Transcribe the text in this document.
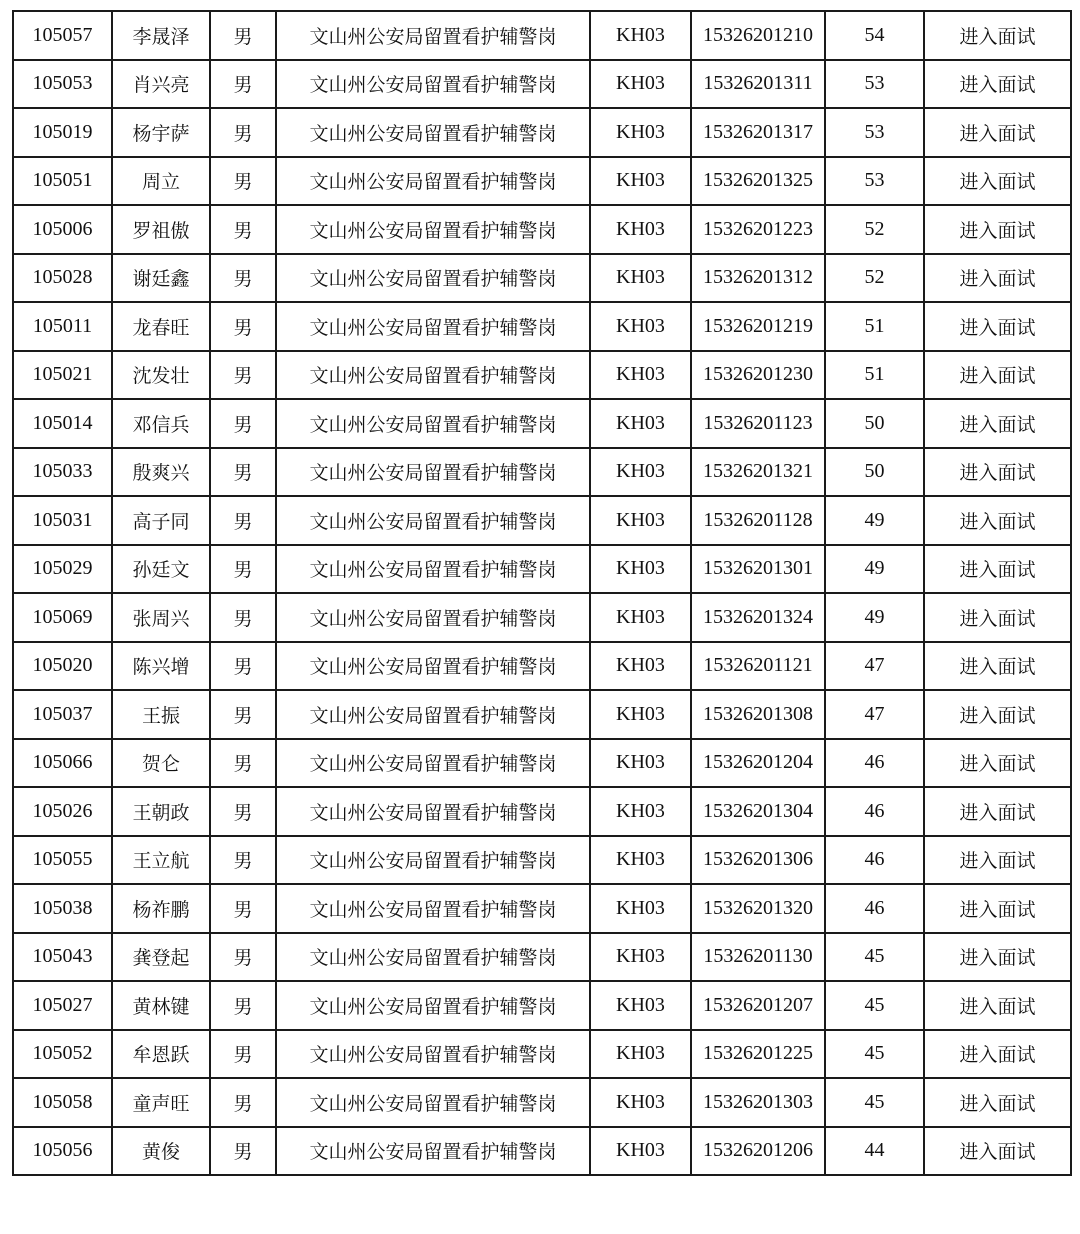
105057	李晟泽	男	文山州公安局留置看护辅警岗	KH03	15326201210	54	进入面试
105053	肖兴亮	男	文山州公安局留置看护辅警岗	KH03	15326201311	53	进入面试
105019	杨宇萨	男	文山州公安局留置看护辅警岗	KH03	15326201317	53	进入面试
105051	周立	男	文山州公安局留置看护辅警岗	KH03	15326201325	53	进入面试
105006	罗祖傲	男	文山州公安局留置看护辅警岗	KH03	15326201223	52	进入面试
105028	谢廷鑫	男	文山州公安局留置看护辅警岗	KH03	15326201312	52	进入面试
105011	龙春旺	男	文山州公安局留置看护辅警岗	KH03	15326201219	51	进入面试
105021	沈发壮	男	文山州公安局留置看护辅警岗	KH03	15326201230	51	进入面试
105014	邓信兵	男	文山州公安局留置看护辅警岗	KH03	15326201123	50	进入面试
105033	殷爽兴	男	文山州公安局留置看护辅警岗	KH03	15326201321	50	进入面试
105031	高子同	男	文山州公安局留置看护辅警岗	KH03	15326201128	49	进入面试
105029	孙廷文	男	文山州公安局留置看护辅警岗	KH03	15326201301	49	进入面试
105069	张周兴	男	文山州公安局留置看护辅警岗	KH03	15326201324	49	进入面试
105020	陈兴增	男	文山州公安局留置看护辅警岗	KH03	15326201121	47	进入面试
105037	王振	男	文山州公安局留置看护辅警岗	KH03	15326201308	47	进入面试
105066	贺仑	男	文山州公安局留置看护辅警岗	KH03	15326201204	46	进入面试
105026	王朝政	男	文山州公安局留置看护辅警岗	KH03	15326201304	46	进入面试
105055	王立航	男	文山州公安局留置看护辅警岗	KH03	15326201306	46	进入面试
105038	杨祚鹏	男	文山州公安局留置看护辅警岗	KH03	15326201320	46	进入面试
105043	龚登起	男	文山州公安局留置看护辅警岗	KH03	15326201130	45	进入面试
105027	黄林键	男	文山州公安局留置看护辅警岗	KH03	15326201207	45	进入面试
105052	牟恩跃	男	文山州公安局留置看护辅警岗	KH03	15326201225	45	进入面试
105058	童声旺	男	文山州公安局留置看护辅警岗	KH03	15326201303	45	进入面试
105056	黄俊	男	文山州公安局留置看护辅警岗	KH03	15326201206	44	进入面试
